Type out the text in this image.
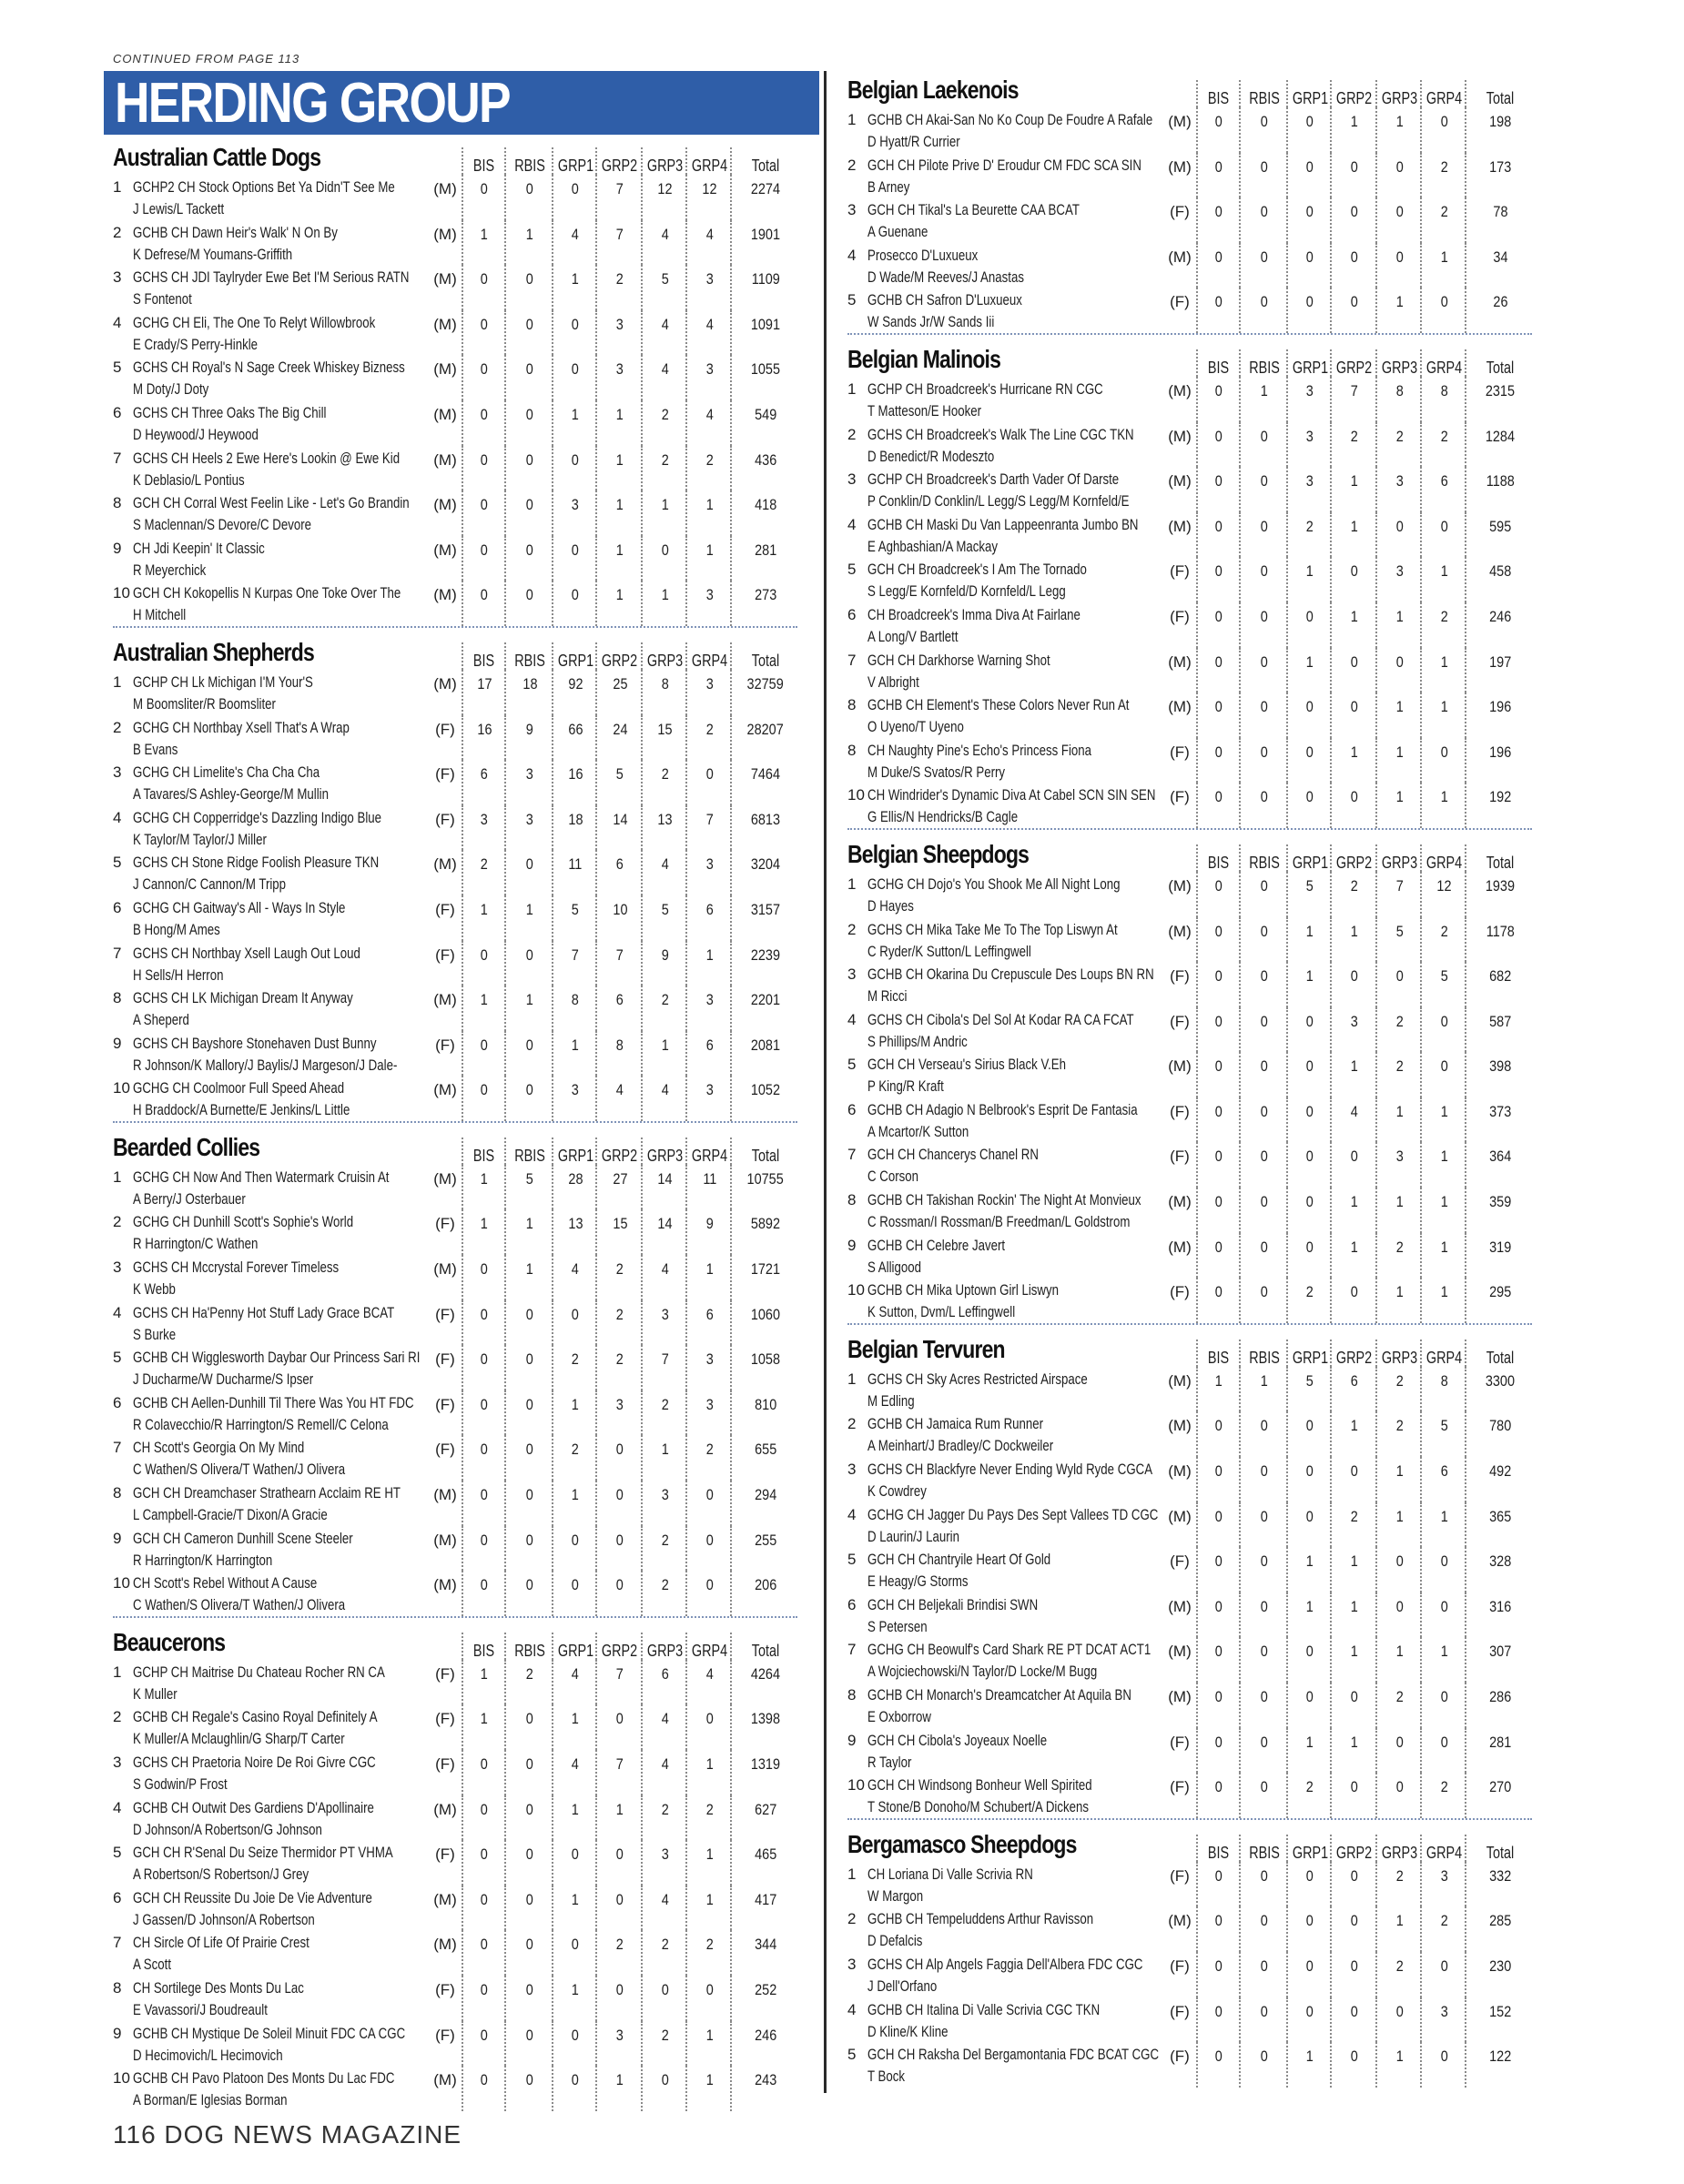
CONTINUED FROM PAGE 113
HERDING GROUP
Australian Cattle Dogs	BIS	RBIS GRP1 GRP2 GRP3 GRP4	Total
1 GCHP2 CH Stock Options Bet Ya Didn'T See Me
J Lewis/L Tackett
(M)	0	0	0	7	12	12	2274
2 GCHB CH Dawn Heir's Walk' N On By
K Defrese/M Youmans-Griffith
(M)	1	1	4	7	4	4	1901
3 GCHS CH JDI Taylryder Ewe Bet I'M Serious RATN
S Fontenot
(M)	0	0	1	2	5	3	1109
4 GCHG CH Eli, The One To Relyt Willowbrook
E Crady/S Perry-Hinkle
(M)	0	0	0	3	4	4	1091
5 GCHS CH Royal's N Sage Creek Whiskey Bizness
M Doty/J Doty
(M)	0	0	0	3	4	3	1055
6 GCHS CH Three Oaks The Big Chill
D Heywood/J Heywood
(M)	0	0	1	1	2	4	549
7 GCHS CH Heels 2 Ewe Here's Lookin @ Ewe Kid
K Deblasio/L Pontius
(M)	0	0	0	1	2	2	436
8 GCH CH Corral West Feelin Like - Let's Go Brandin
S Maclennan/S Devore/C Devore
(M)	0	0	3	1	1	1	418
9 CH Jdi Keepin' It Classic
R Meyerchick
(M)	0	0	0	1	0	1	281
10 GCH CH Kokopellis N Kurpas One Toke Over The
H Mitchell
(M)	0	0	0	1	1	3	273
Australian Shepherds	BIS	RBIS GRP1 GRP2 GRP3 GRP4	Total
1 GCHP CH Lk Michigan I'M Your'S
M Boomsliter/R Boomsliter
(M)	17	18	92	25	8	3	32759
2 GCHG CH Northbay Xsell That's A Wrap
B Evans
(F)	16	9	66	24	15	2	28207
3 GCHG CH Limelite's Cha Cha Cha
A Tavares/S Ashley-George/M Mullin
(F)	6	3	16	5	2	0	7464
4 GCHG CH Copperridge's Dazzling Indigo Blue
K Taylor/M Taylor/J Miller
(F)	3	3	18	14	13	7	6813
5 GCHS CH Stone Ridge Foolish Pleasure TKN
J Cannon/C Cannon/M Tripp
(M)	2	0	11	6	4	3	3204
6 GCHG CH Gaitway's All - Ways In Style
B Hong/M Ames
(F)	1	1	5	10	5	6	3157
7 GCHS CH Northbay Xsell Laugh Out Loud
H Sells/H Herron
(F)	0	0	7	7	9	1	2239
8 GCHS CH LK Michigan Dream It Anyway
A Sheperd
(M)	1	1	8	6	2	3	2201
9 GCHS CH Bayshore Stonehaven Dust Bunny
R Johnson/K Mallory/J Baylis/J Margeson/J Dale-
(F)	0	0	1	8	1	6	2081
10 GCHG CH Coolmoor Full Speed Ahead
H Braddock/A Burnette/E Jenkins/L Little
(M)	0	0	3	4	4	3	1052
Bearded Collies	BIS	RBIS GRP1 GRP2 GRP3 GRP4	Total
1 GCHG CH Now And Then Watermark Cruisin At
A Berry/J Osterbauer
(M)	1	5	28	27	14	11	10755
2 GCHG CH Dunhill Scott's Sophie's World
R Harrington/C Wathen
(F)	1	1	13	15	14	9	5892
3 GCHS CH Mccrystal Forever Timeless
K Webb
(M)	0	1	4	2	4	1	1721
4 GCHS CH Ha'Penny Hot Stuff Lady Grace BCAT
S Burke
(F)	0	0	0	2	3	6	1060
5 GCHB CH Wigglesworth Daybar Our Princess Sari RI
J Ducharme/W Ducharme/S Ipser
(F)	0	0	2	2	7	3	1058
6 GCHB CH Aellen-Dunhill Til There Was You HT FDC
R Colavecchio/R Harrington/S Remell/C Celona
(F)	0	0	1	3	2	3	810
7 CH Scott's Georgia On My Mind
C Wathen/S Olivera/T Wathen/J Olivera
(F)	0	0	2	0	1	2	655
8 GCH CH Dreamchaser Strathearn Acclaim RE HT
L Campbell-Gracie/T Dixon/A Gracie
(M)	0	0	1	0	3	0	294
9 GCH CH Cameron Dunhill Scene Steeler
R Harrington/K Harrington
(M)	0	0	0	0	2	0	255
10 CH Scott's Rebel Without A Cause
C Wathen/S Olivera/T Wathen/J Olivera
(M)	0	0	0	0	2	0	206
Beaucerons	BIS	RBIS GRP1 GRP2 GRP3 GRP4	Total
1 GCHP CH Maitrise Du Chateau Rocher RN CA
K Muller
(F)	1	2	4	7	6	4	4264
2 GCHB CH Regale's Casino Royal Definitely A
K Muller/A Mclaughlin/G Sharp/T Carter
(F)	1	0	1	0	4	0	1398
3 GCHS CH Praetoria Noire De Roi Givre CGC
S Godwin/P Frost
(F)	0	0	4	7	4	1	1319
4 GCHB CH Outwit Des Gardiens D'Apollinaire
D Johnson/A Robertson/G Johnson
(M)	0	0	1	1	2	2	627
5 GCH CH R'Senal Du Seize Thermidor PT VHMA
A Robertson/S Robertson/J Grey
(F)	0	0	0	0	3	1	465
6 GCH CH Reussite Du Joie De Vie Adventure
J Gassen/D Johnson/A Robertson
(M)	0	0	1	0	4	1	417
7 CH Sircle Of Life Of Prairie Crest
A Scott
(M)	0	0	0	2	2	2	344
8 CH Sortilege Des Monts Du Lac
E Vavassori/J Boudreault
(F)	0	0	1	0	0	0	252
9 GCHB CH Mystique De Soleil Minuit FDC CA CGC
D Hecimovich/L Hecimovich
(F)	0	0	0	3	2	1	246
10 GCHB CH Pavo Platoon Des Monts Du Lac FDC
A Borman/E Iglesias Borman
(M)	0	0	0	1	0	1	243
Belgian Laekenois	BIS	RBIS GRP1 GRP2 GRP3 GRP4	Total
1 GCHB CH Akai-San No Ko Coup De Foudre A Rafale
D Hyatt/R Currier
(M)	0	0	0	1	1	0	198
2 GCH CH Pilote Prive D' Eroudur CM FDC SCA SIN
B Arney
(M)	0	0	0	0	0	2	173
3 GCH CH Tikal's La Beurette CAA BCAT
A Guenane
(F)	0	0	0	0	0	2	78
4 Prosecco D'Luxueux
D Wade/M Reeves/J Anastas
(M)	0	0	0	0	0	1	34
5 GCHB CH Safron D'Luxueux
W Sands Jr/W Sands Iii
(F)	0	0	0	0	1	0	26
Belgian Malinois	BIS	RBIS GRP1 GRP2 GRP3 GRP4	Total
1 GCHP CH Broadcreek's Hurricane RN CGC
T Matteson/E Hooker
(M)	0	1	3	7	8	8	2315
2 GCHS CH Broadcreek's Walk The Line CGC TKN
D Benedict/R Modeszto
(M)	0	0	3	2	2	2	1284
3 GCHP CH Broadcreek's Darth Vader Of Darste
P Conklin/D Conklin/L Legg/S Legg/M Kornfeld/E
(M)	0	0	3	1	3	6	1188
4 GCHB CH Maski Du Van Lappeenranta Jumbo BN
E Aghbashian/A Mackay
(M)	0	0	2	1	0	0	595
5 GCH CH Broadcreek's I Am The Tornado
S Legg/E Kornfeld/D Kornfeld/L Legg
(F)	0	0	1	0	3	1	458
6 CH Broadcreek's Imma Diva At Fairlane
A Long/V Bartlett
(F)	0	0	0	1	1	2	246
7 GCH CH Darkhorse Warning Shot
V Albright
(M)	0	0	1	0	0	1	197
8 GCHB CH Element's These Colors Never Run At
O Uyeno/T Uyeno
(M)	0	0	0	0	1	1	196
8 CH Naughty Pine's Echo's Princess Fiona
M Duke/S Svatos/R Perry
(F)	0	0	0	1	1	0	196
10 CH Windrider's Dynamic Diva At Cabel SCN SIN SEN
G Ellis/N Hendricks/B Cagle
(F)	0	0	0	0	1	1	192
Belgian Sheepdogs	BIS	RBIS GRP1 GRP2 GRP3 GRP4	Total
1 GCHG CH Dojo's You Shook Me All Night Long
D Hayes
(M)	0	0	5	2	7	12	1939
2 GCHS CH Mika Take Me To The Top Liswyn At
C Ryder/K Sutton/L Leffingwell
(M)	0	0	1	1	5	2	1178
3 GCHB CH Okarina Du Crepuscule Des Loups BN RN
M Ricci
(F)	0	0	1	0	0	5	682
4 GCHS CH Cibola's Del Sol At Kodar RA CA FCAT
S Phillips/M Andric
(F)	0	0	0	3	2	0	587
5 GCH CH Verseau's Sirius Black V.Eh
P King/R Kraft
(M)	0	0	0	1	2	0	398
6 GCHB CH Adagio N Belbrook's Esprit De Fantasia
A Mcartor/K Sutton
(F)	0	0	0	4	1	1	373
7 GCH CH Chancerys Chanel RN
C Corson
(F)	0	0	0	0	3	1	364
8 GCHB CH Takishan Rockin' The Night At Monvieux
C Rossman/I Rossman/B Freedman/L Goldstrom
(M)	0	0	0	1	1	1	359
9 GCHB CH Celebre Javert
S Alligood
(M)	0	0	0	1	2	1	319
10 GCHB CH Mika Uptown Girl Liswyn
K Sutton, Dvm/L Leffingwell
(F)	0	0	2	0	1	1	295
Belgian Tervuren	BIS	RBIS GRP1 GRP2 GRP3 GRP4	Total
1 GCHS CH Sky Acres Restricted Airspace
M Edling
(M)	1	1	5	6	2	8	3300
2 GCHB CH Jamaica Rum Runner
A Meinhart/J Bradley/C Dockweiler
(M)	0	0	0	1	2	5	780
3 GCHS CH Blackfyre Never Ending Wyld Ryde CGCA
K Cowdrey
(M)	0	0	0	0	1	6	492
4 GCHG CH Jagger Du Pays Des Sept Vallees TD CGC
D Laurin/J Laurin
(M)	0	0	0	2	1	1	365
5 GCH CH Chantryile Heart Of Gold
E Heagy/G Storms
(F)	0	0	1	1	0	0	328
6 GCH CH Beljekali Brindisi SWN
S Petersen
(M)	0	0	1	1	0	0	316
7 GCHG CH Beowulf's Card Shark RE PT DCAT ACT1
A Wojciechowski/N Taylor/D Locke/M Bugg
(M)	0	0	0	1	1	1	307
8 GCHB CH Monarch's Dreamcatcher At Aquila BN
E Oxborrow
(M)	0	0	0	0	2	0	286
9 GCH CH Cibola's Joyeaux Noelle
R Taylor
(F)	0	0	1	1	0	0	281
10 GCH CH Windsong Bonheur Well Spirited
T Stone/B Donoho/M Schubert/A Dickens
(F)	0	0	2	0	0	2	270
Bergamasco Sheepdogs	BIS	RBIS GRP1 GRP2 GRP3 GRP4	Total
1 CH Loriana Di Valle Scrivia RN
W Margon
(F)	0	0	0	0	2	3	332
2 GCHB CH Tempeluddens Arthur Ravisson
D Defalcis
(M)	0	0	0	0	1	2	285
3 GCHS CH Alp Angels Faggia Dell'Albera FDC CGC
J Dell'Orfano
(F)	0	0	0	0	2	0	230
4 GCHB CH Italina Di Valle Scrivia CGC TKN
D Kline/K Kline
(F)	0	0	0	0	0	3	152
5 GCH CH Raksha Del Bergamontania FDC BCAT CGC
T Bock
(F)	0	0	1	0	1	0	122
116 DOG NEWS MAGAZINE
